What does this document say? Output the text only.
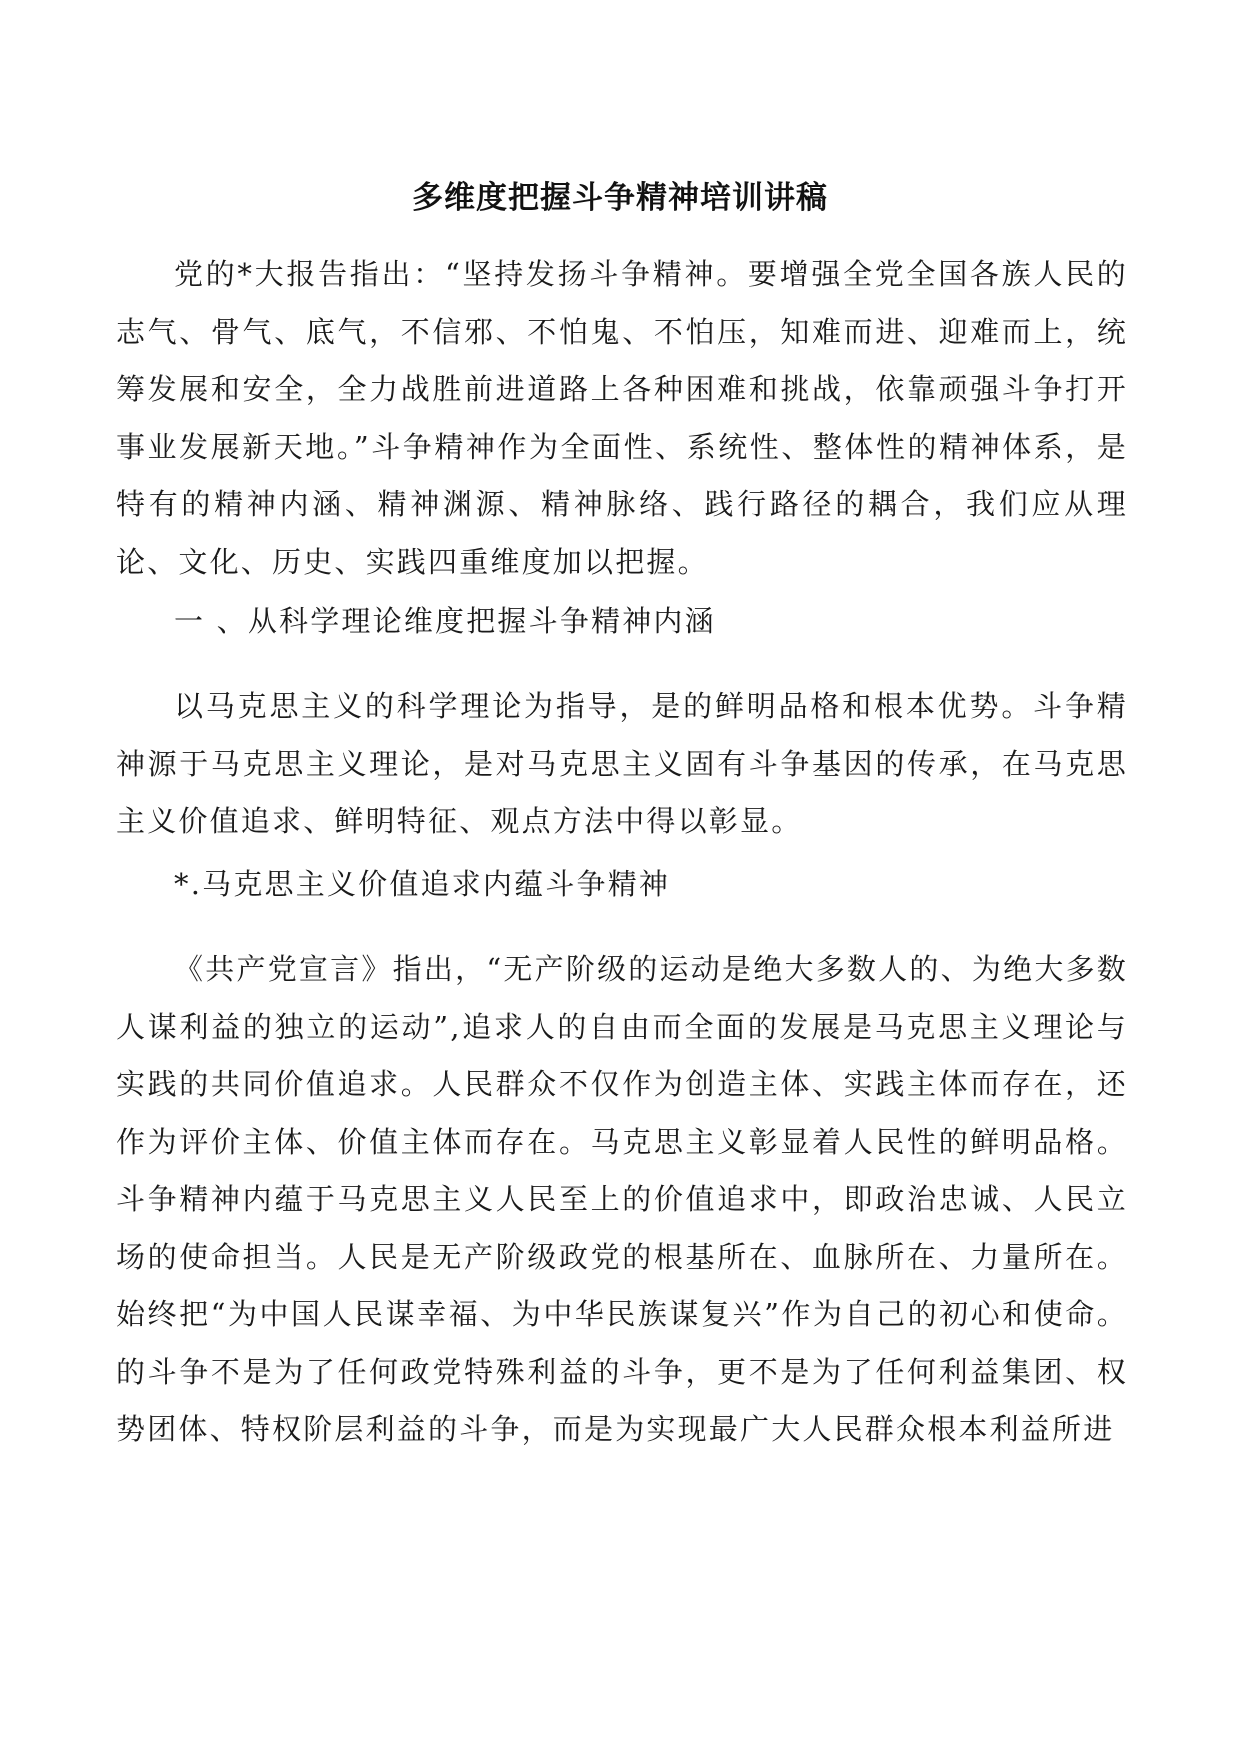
多维度把握斗争精神培训讲稿

党的*大报告指出：“坚持发扬斗争精神。要增强全党全国各族人民的志气、骨气、底气，不信邪、不怕鬼、不怕压，知难而进、迎难而上，统筹发展和安全，全力战胜前进道路上各种困难和挑战，依靠顽强斗争打开事业发展新天地。”斗争精神作为全面性、系统性、整体性的精神体系，是特有的精神内涵、精神渊源、精神脉络、践行路径的耦合，我们应从理论、文化、历史、实践四重维度加以把握。

一 、从科学理论维度把握斗争精神内涵

以马克思主义的科学理论为指导，是的鲜明品格和根本优势。斗争精神源于马克思主义理论，是对马克思主义固有斗争基因的传承，在马克思主义价值追求、鲜明特征、观点方法中得以彰显。

*.马克思主义价值追求内蕴斗争精神

《共产党宣言》指出，“无产阶级的运动是绝大多数人的、为绝大多数人谋利益的独立的运动”,追求人的自由而全面的发展是马克思主义理论与实践的共同价值追求。人民群众不仅作为创造主体、实践主体而存在，还作为评价主体、价值主体而存在。马克思主义彰显着人民性的鲜明品格。斗争精神内蕴于马克思主义人民至上的价值追求中，即政治忠诚、人民立场的使命担当。人民是无产阶级政党的根基所在、血脉所在、力量所在。始终把“为中国人民谋幸福、为中华民族谋复兴”作为自己的初心和使命。的斗争不是为了任何政党特殊利益的斗争，更不是为了任何利益集团、权势团体、特权阶层利益的斗争，而是为实现最广大人民群众根本利益所进
